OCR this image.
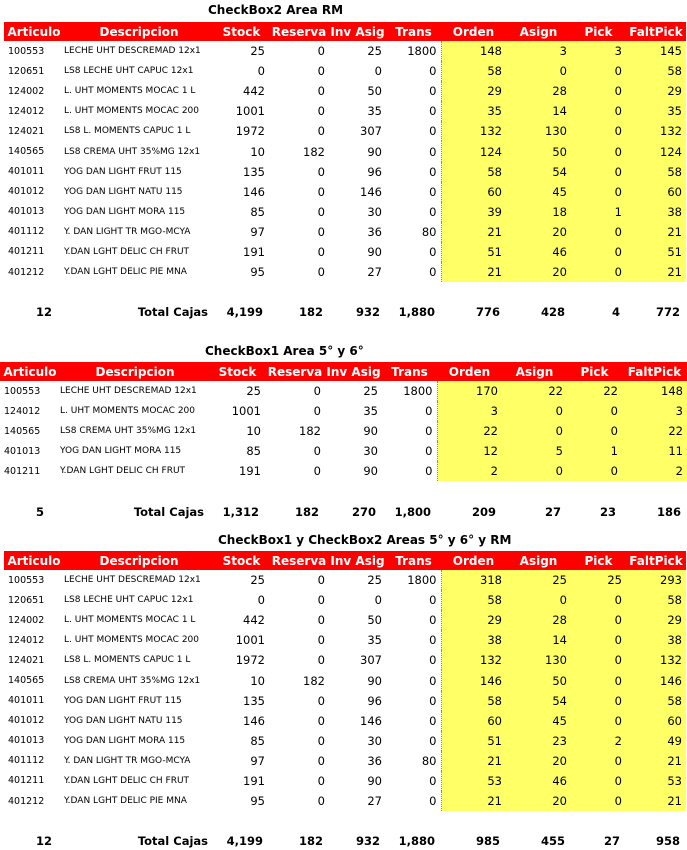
CheckBox2 Area RM
Articulo	Descripcion	Stock	Reserva	Inv Asig	Trans	Orden	Asign	Pick	FaltPick
100553	LECHE UHT DESCREMAD 12x1	25	0	25	1800	148	3	3	145
120651	LS8 LECHE UHT CAPUC 12x1	0	0	0	0	58	0	0	58
124002	L. UHT MOMENTS MOCAC 1 L	442	0	50	0	29	28	0	29
124012	L. UHT MOMENTS MOCAC 200	1001	0	35	0	35	14	0	35
124021	LS8 L. MOMENTS CAPUC 1 L	1972	0	307	0	132	130	0	132
140565	LS8 CREMA UHT 35%MG 12x1	10	182	90	0	124	50	0	124
401011	YOG DAN LIGHT FRUT 115	135	0	96	0	58	54	0	58
401012	YOG DAN LIGHT NATU 115	146	0	146	0	60	45	0	60
401013	YOG DAN LIGHT MORA 115	85	0	30	0	39	18	1	38
401112	Y. DAN LIGHT TR MGO-MCYA	97	0	36	80	21	20	0	21
401211	Y.DAN LGHT DELIC CH FRUT	191	0	90	0	51	46	0	51
401212	Y.DAN LGHT DELIC PIE MNA	95	0	27	0	21	20	0	21
12	Total Cajas	4,199	182	932	1,880	776	428	4	772
CheckBox1 Area 5° y 6°
Articulo	Descripcion	Stock	Reserva	Inv Asig	Trans	Orden	Asign	Pick	FaltPick
100553	LECHE UHT DESCREMAD 12x1	25	0	25	1800	170	22	22	148
124012	L. UHT MOMENTS MOCAC 200	1001	0	35	0	3	0	0	3
140565	LS8 CREMA UHT 35%MG 12x1	10	182	90	0	22	0	0	22
401013	YOG DAN LIGHT MORA 115	85	0	30	0	12	5	1	11
401211	Y.DAN LGHT DELIC CH FRUT	191	0	90	0	2	0	0	2
5	Total Cajas	1,312	182	270	1,800	209	27	23	186
CheckBox1 y CheckBox2 Areas 5° y 6° y RM
Articulo	Descripcion	Stock	Reserva	Inv Asig	Trans	Orden	Asign	Pick	FaltPick
100553	LECHE UHT DESCREMAD 12x1	25	0	25	1800	318	25	25	293
120651	LS8 LECHE UHT CAPUC 12x1	0	0	0	0	58	0	0	58
124002	L. UHT MOMENTS MOCAC 1 L	442	0	50	0	29	28	0	29
124012	L. UHT MOMENTS MOCAC 200	1001	0	35	0	38	14	0	38
124021	LS8 L. MOMENTS CAPUC 1 L	1972	0	307	0	132	130	0	132
140565	LS8 CREMA UHT 35%MG 12x1	10	182	90	0	146	50	0	146
401011	YOG DAN LIGHT FRUT 115	135	0	96	0	58	54	0	58
401012	YOG DAN LIGHT NATU 115	146	0	146	0	60	45	0	60
401013	YOG DAN LIGHT MORA 115	85	0	30	0	51	23	2	49
401112	Y. DAN LIGHT TR MGO-MCYA	97	0	36	80	21	20	0	21
401211	Y.DAN LGHT DELIC CH FRUT	191	0	90	0	53	46	0	53
401212	Y.DAN LGHT DELIC PIE MNA	95	0	27	0	21	20	0	21
12	Total Cajas	4,199	182	932	1,880	985	455	27	958
